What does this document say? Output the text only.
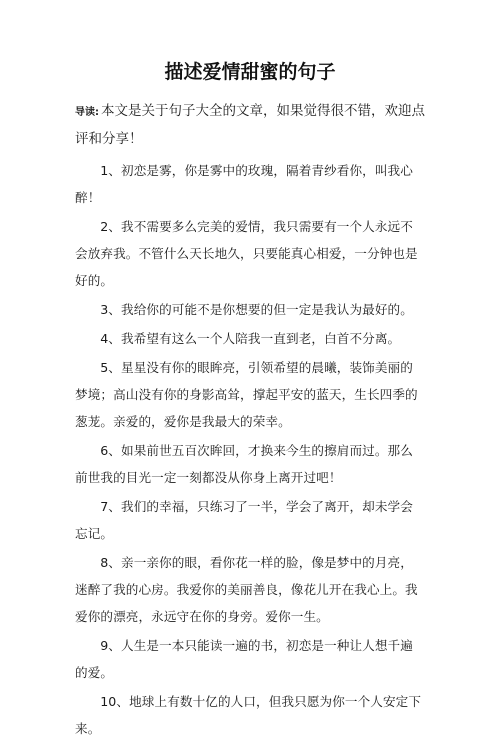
描述爱情甜蜜的句子
导读: 本文是关于句子大全的文章，如果觉得很不错，欢迎点评和分享！
1、初恋是雾，你是雾中的玫瑰，隔着青纱看你，叫我心醉！
2、我不需要多么完美的爱情，我只需要有一个人永远不会放弃我。不管什么天长地久，只要能真心相爱，一分钟也是好的。
3、我给你的可能不是你想要的但一定是我认为最好的。
4、我希望有这么一个人陪我一直到老，白首不分离。
5、星星没有你的眼眸亮，引领希望的晨曦，装饰美丽的梦境；高山没有你的身影高耸，撑起平安的蓝天，生长四季的葱茏。亲爱的，爱你是我最大的荣幸。
6、如果前世五百次眸回，才换来今生的擦肩而过。那么前世我的目光一定一刻都没从你身上离开过吧！
7、我们的幸福，只练习了一半，学会了离开，却未学会忘记。
8、亲一亲你的眼，看你花一样的脸，像是梦中的月亮，迷醉了我的心房。我爱你的美丽善良，像花儿开在我心上。我爱你的漂亮，永远守在你的身旁。爱你一生。
9、人生是一本只能读一遍的书，初恋是一种让人想千遍的爱。
10、地球上有数十亿的人口，但我只愿为你一个人安定下来。
